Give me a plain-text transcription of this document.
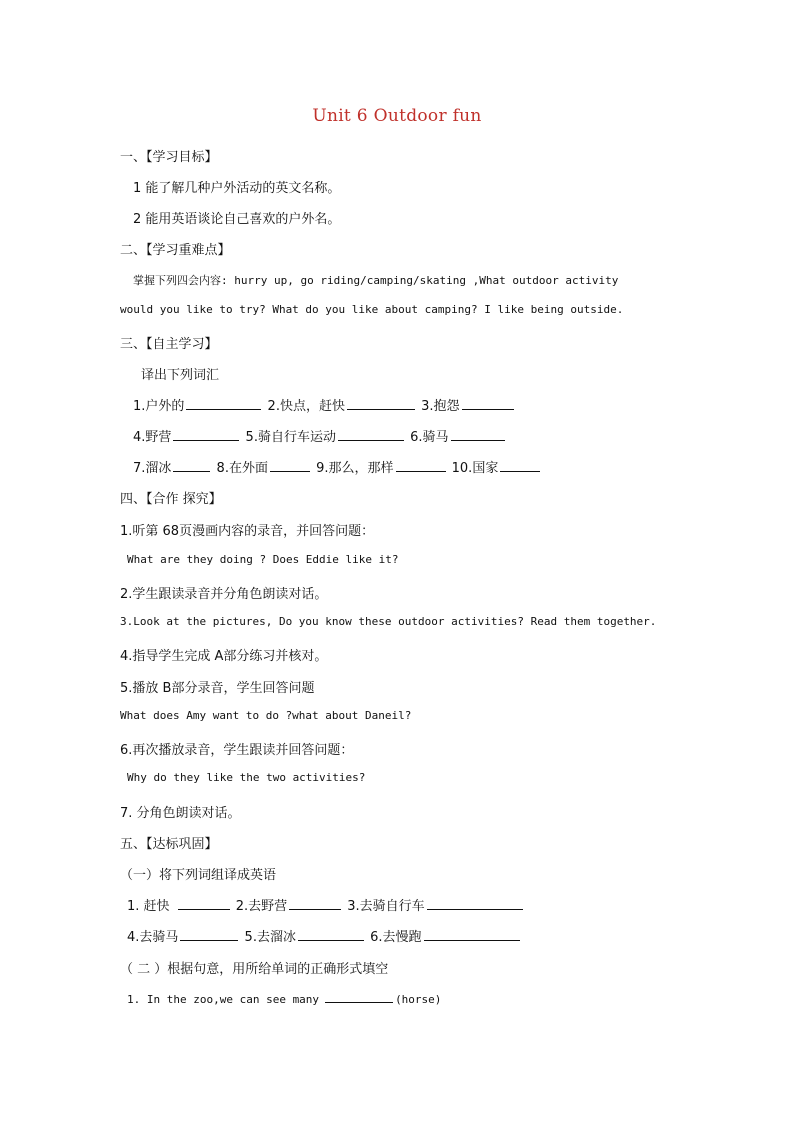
Unit 6 Outdoor fun
一、【学习目标】
1 能了解几种户外活动的英文名称。
2 能用英语谈论自己喜欢的户外名。
二、【学习重难点】
掌握下列四会内容: hurry up, go riding/camping/skating ,What outdoor activity
would you like to try? What do you like about camping? I like being outside.
三、【自主学习】
译出下列词汇
1.户外的	2.快点，赶快	3.抱怨
4.野营	5.骑自行车运动	6.骑马
7.溜冰	8.在外面	9.那么，那样	10.国家
四、【合作 探究】
1.听第 68页漫画内容的录音，并回答问题：
What are they doing ? Does Eddie like it?
2.学生跟读录音并分角色朗读对话。
3.Look at the pictures, Do you know these outdoor activities? Read them together.
4.指导学生完成 A部分练习并核对。
5.播放 B部分录音，学生回答问题
What does Amy want to do ?what about Daneil?
6.再次播放录音，学生跟读并回答问题：
Why do they like the two activities?
7. 分角色朗读对话。
五、【达标巩固】
（一）将下列词组译成英语
1. 赶快	2.去野营	3.去骑自行车
4.去骑马	5.去溜冰	6.去慢跑
（ 二 ）根据句意，用所给单词的正确形式填空
1. In the zoo,we can see many	(horse)
